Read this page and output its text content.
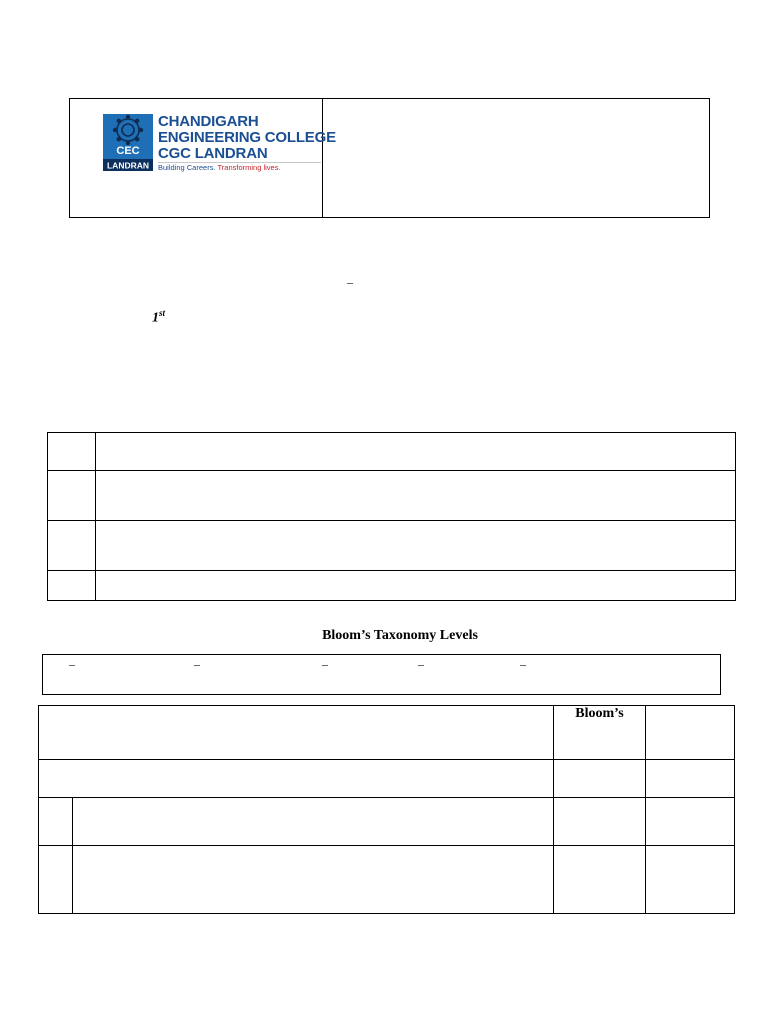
CEC
LANDRAN
CHANDIGARH
ENGINEERING COLLEGE
CGC LANDRAN
Building Careers. Transforming lives.
–
1st
Bloom’s Taxonomy Levels
–	–	–	–	–
Bloom’s
